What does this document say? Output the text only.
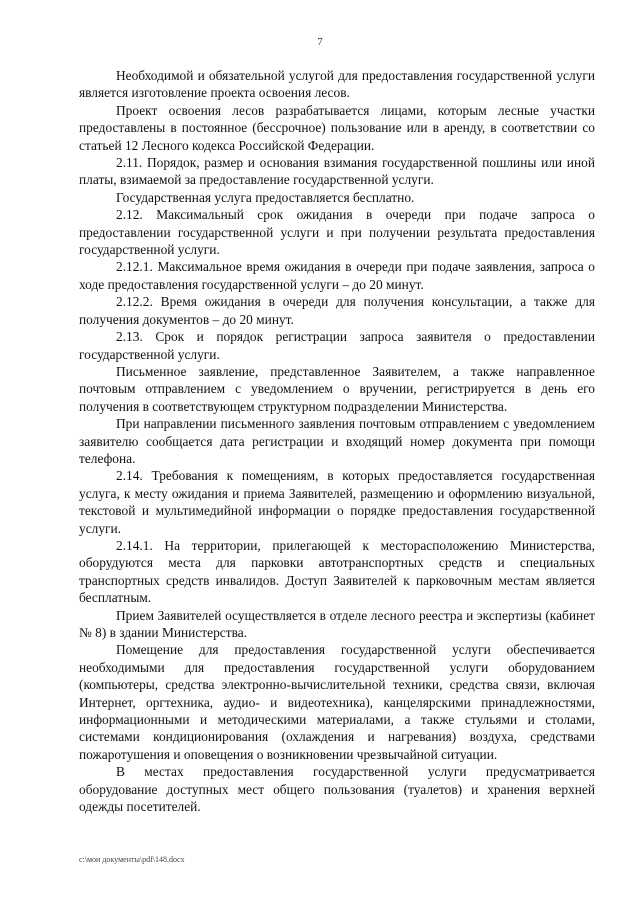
7

Необходимой и обязательной услугой для предоставления государственной услуги является изготовление проекта освоения лесов.

Проект освоения лесов разрабатывается лицами, которым лесные участки предоставлены в постоянное (бессрочное) пользование или в аренду, в соответствии со статьей 12 Лесного кодекса Российской Федерации.

2.11. Порядок, размер и основания взимания государственной пошлины или иной платы, взимаемой за предоставление государственной услуги.

Государственная услуга предоставляется бесплатно.

2.12. Максимальный срок ожидания в очереди при подаче запроса о предоставлении государственной услуги и при получении результата предоставления государственной услуги.

2.12.1. Максимальное время ожидания в очереди при подаче заявления, запроса о ходе предоставления государственной услуги – до 20 минут.

2.12.2. Время ожидания в очереди для получения консультации, а также для получения документов – до 20 минут.

2.13. Срок и порядок регистрации запроса заявителя о предоставлении государственной услуги.

Письменное заявление, представленное Заявителем, а также направленное почтовым отправлением с уведомлением о вручении, регистрируется в день его получения в соответствующем структурном подразделении Министерства.

При направлении письменного заявления почтовым отправлением с уведомлением заявителю сообщается дата регистрации и входящий номер документа при помощи телефона.

2.14. Требования к помещениям, в которых предоставляется государственная услуга, к месту ожидания и приема Заявителей, размещению и оформлению визуальной, текстовой и мультимедийной информации о порядке предоставления государственной услуги.

2.14.1. На территории, прилегающей к месторасположению Министерства, оборудуются места для парковки автотранспортных средств и специальных транспортных средств инвалидов. Доступ Заявителей к парковочным местам является бесплатным.

Прием Заявителей осуществляется в отделе лесного реестра и экспертизы (кабинет № 8) в здании Министерства.

Помещение для предоставления государственной услуги обеспечивается необходимыми для предоставления государственной услуги оборудованием (компьютеры, средства электронно-вычислительной техники, средства связи, включая Интернет, оргтехника, аудио- и видеотехника), канцелярскими принадлежностями, информационными и методическими материалами, а также стульями и столами, системами кондиционирования (охлаждения и нагревания) воздуха, средствами пожаротушения и оповещения о возникновении чрезвычайной ситуации.

В местах предоставления государственной услуги предусматривается оборудование доступных мест общего пользования (туалетов) и хранения верхней одежды посетителей.

c:\мои документы\pdf\148.docx
